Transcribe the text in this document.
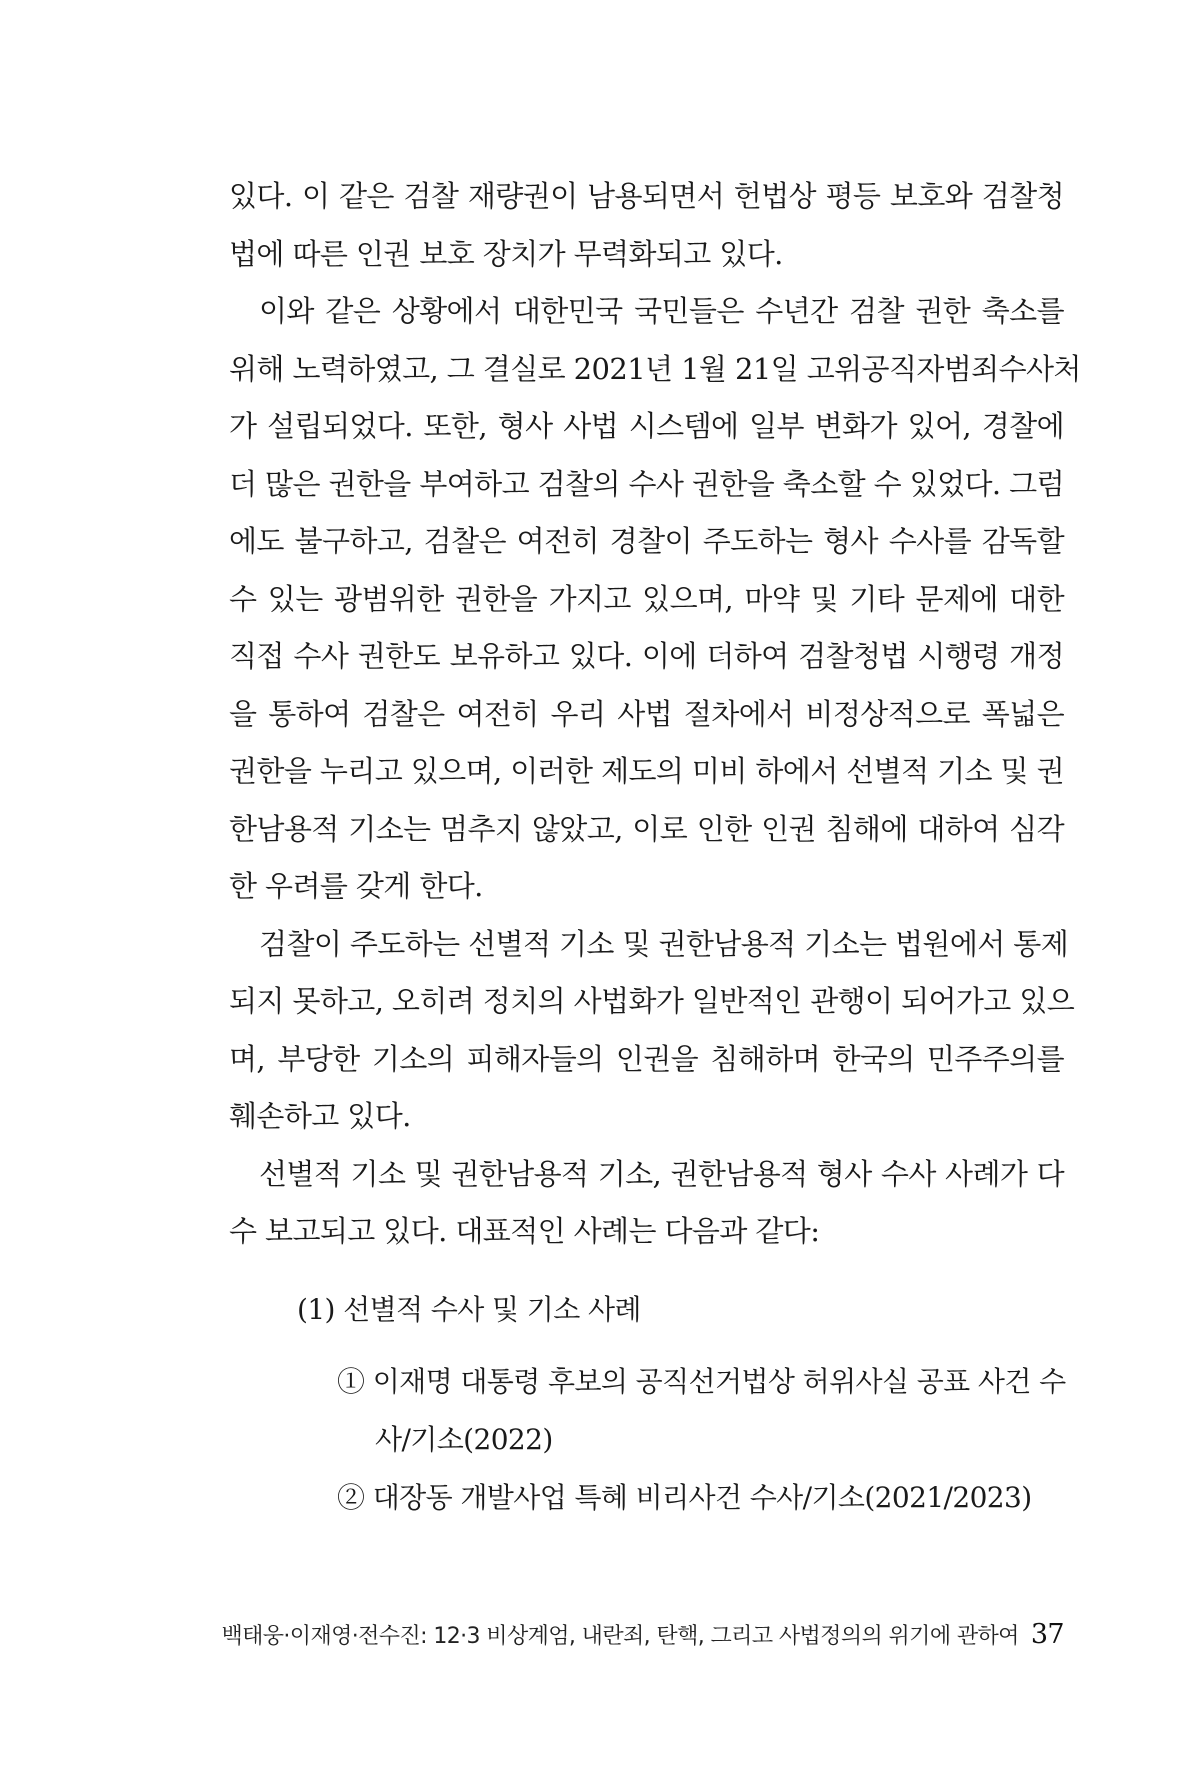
있다. 이 같은 검찰 재량권이 남용되면서 헌법상 평등 보호와 검찰청
법에 따른 인권 보호 장치가 무력화되고 있다.
이와 같은 상황에서 대한민국 국민들은 수년간 검찰 권한 축소를
위해 노력하였고, 그 결실로 2021년 1월 21일 고위공직자범죄수사처
가 설립되었다. 또한, 형사 사법 시스템에 일부 변화가 있어, 경찰에
더 많은 권한을 부여하고 검찰의 수사 권한을 축소할 수 있었다. 그럼
에도 불구하고, 검찰은 여전히 경찰이 주도하는 형사 수사를 감독할
수 있는 광범위한 권한을 가지고 있으며, 마약 및 기타 문제에 대한
직접 수사 권한도 보유하고 있다. 이에 더하여 검찰청법 시행령 개정
을 통하여 검찰은 여전히 우리 사법 절차에서 비정상적으로 폭넓은
권한을 누리고 있으며, 이러한 제도의 미비 하에서 선별적 기소 및 권
한남용적 기소는 멈추지 않았고, 이로 인한 인권 침해에 대하여 심각
한 우려를 갖게 한다.
검찰이 주도하는 선별적 기소 및 권한남용적 기소는 법원에서 통제
되지 못하고, 오히려 정치의 사법화가 일반적인 관행이 되어가고 있으
며, 부당한 기소의 피해자들의 인권을 침해하며 한국의 민주주의를
훼손하고 있다.
선별적 기소 및 권한남용적 기소, 권한남용적 형사 수사 사례가 다
수 보고되고 있다. 대표적인 사례는 다음과 같다:
(1) 선별적 수사 및 기소 사례
① 이재명 대통령 후보의 공직선거법상 허위사실 공표 사건 수
사/기소(2022)
② 대장동 개발사업 특혜 비리사건 수사/기소(2021/2023)
백태웅·이재영·전수진: 12·3 비상계엄, 내란죄, 탄핵, 그리고 사법정의의 위기에 관하여 37
